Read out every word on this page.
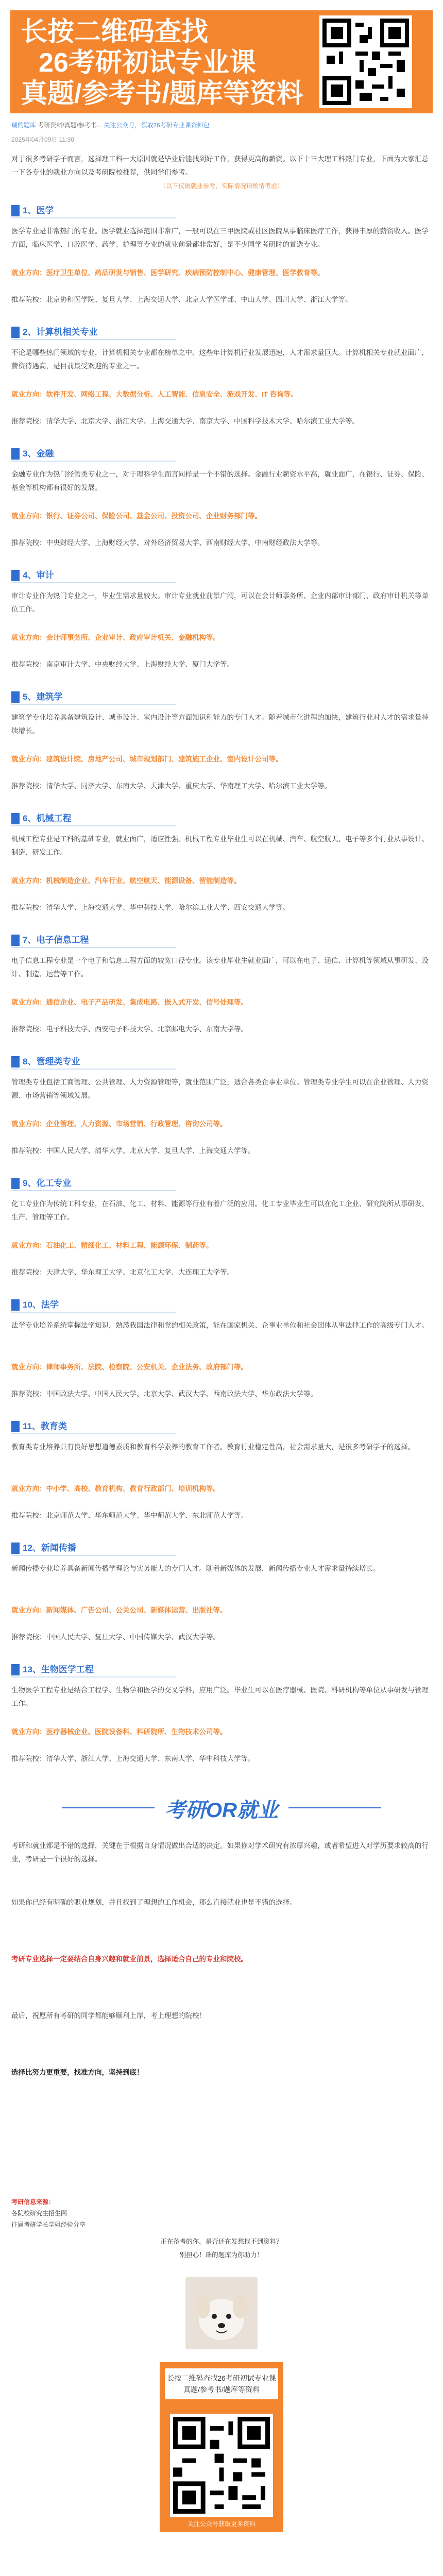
长按二维码查找
26考研初试专业课
真题/参考书/题库等资料
瑞的题库 考研资料/真题/参考书... 关注公众号，领取26考研专业课资料包
2025年04月09日 11:30
对于很多考研学子而言，选择理工科一大原因就是毕业后能找到好工作，获得更高的薪资。以下十三大理工科热门专业，下面为大家汇总一下各专业的就业方向以及考研院校推荐，供同学们参考。
（以下仅做就业参考，实际情况请酌情考虑）
1、医学
医学专业是非常热门的专业。医学就业选择范围非常广，一般可以在三甲医院或社区医院从事临床医疗工作，获得丰厚的薪资收入。医学方面，临床医学、口腔医学、药学、护理等专业的就业前景都非常好，是不少同学考研时的首选专业。
就业方向：医疗卫生单位、药品研发与销售、医学研究、疾病预防控制中心、健康管理、医学教育等。
推荐院校：北京协和医学院、复旦大学、上海交通大学、北京大学医学部、中山大学、四川大学、浙江大学等。
2、计算机相关专业
不论是哪些热门领域的专业，计算机相关专业都在榜单之中。这些年计算机行业发展迅速，人才需求量巨大。计算机相关专业就业面广，薪资待遇高，是目前最受欢迎的专业之一。
就业方向：软件开发、网络工程、大数据分析、人工智能、信息安全、游戏开发、IT 咨询等。
推荐院校：清华大学、北京大学、浙江大学、上海交通大学、南京大学、中国科学技术大学、哈尔滨工业大学等。
3、金融
金融专业作为热门经管类专业之一，对于理科学生而言同样是一个不错的选择。金融行业薪资水平高，就业面广，在银行、证券、保险、基金等机构都有很好的发展。
就业方向：银行、证券公司、保险公司、基金公司、投资公司、企业财务部门等。
推荐院校：中央财经大学、上海财经大学、对外经济贸易大学、西南财经大学、中南财经政法大学等。
4、审计
审计专业作为热门专业之一，毕业生需求量较大。审计专业就业前景广阔，可以在会计师事务所、企业内部审计部门、政府审计机关等单位工作。
就业方向：会计师事务所、企业审计、政府审计机关、金融机构等。
推荐院校：南京审计大学、中央财经大学、上海财经大学、厦门大学等。
5、建筑学
建筑学专业培养具备建筑设计、城市设计、室内设计等方面知识和能力的专门人才。随着城市化进程的加快，建筑行业对人才的需求量持续增长。
就业方向：建筑设计院、房地产公司、城市规划部门、建筑施工企业、室内设计公司等。
推荐院校：清华大学、同济大学、东南大学、天津大学、重庆大学、华南理工大学、哈尔滨工业大学等。
6、机械工程
机械工程专业是工科的基础专业，就业面广，适应性强。机械工程专业毕业生可以在机械、汽车、航空航天、电子等多个行业从事设计、制造、研发工作。
就业方向：机械制造企业、汽车行业、航空航天、能源设备、智能制造等。
推荐院校：清华大学、上海交通大学、华中科技大学、哈尔滨工业大学、西安交通大学等。
7、电子信息工程
电子信息工程专业是一个电子和信息工程方面的较宽口径专业。该专业毕业生就业面广，可以在电子、通信、计算机等领域从事研发、设计、制造、运营等工作。
就业方向：通信企业、电子产品研发、集成电路、嵌入式开发、信号处理等。
推荐院校：电子科技大学、西安电子科技大学、北京邮电大学、东南大学等。
8、管理类专业
管理类专业包括工商管理、公共管理、人力资源管理等，就业范围广泛，适合各类企事业单位。管理类专业学生可以在企业管理、人力资源、市场营销等领域发展。
就业方向：企业管理、人力资源、市场营销、行政管理、咨询公司等。
推荐院校：中国人民大学、清华大学、北京大学、复旦大学、上海交通大学等。
9、化工专业
化工专业作为传统工科专业，在石油、化工、材料、能源等行业有着广泛的应用。化工专业毕业生可以在化工企业、研究院所从事研发、生产、管理等工作。
就业方向：石油化工、精细化工、材料工程、能源环保、制药等。
推荐院校：天津大学、华东理工大学、北京化工大学、大连理工大学等。
10、法学
法学专业培养系统掌握法学知识，熟悉我国法律和党的相关政策，能在国家机关、企事业单位和社会团体从事法律工作的高级专门人才。
就业方向：律师事务所、法院、检察院、公安机关、企业法务、政府部门等。
推荐院校：中国政法大学、中国人民大学、北京大学、武汉大学、西南政法大学、华东政法大学等。
11、教育类
教育类专业培养具有良好思想道德素质和教育科学素养的教育工作者。教育行业稳定性高，社会需求量大，是很多考研学子的选择。
就业方向：中小学、高校、教育机构、教育行政部门、培训机构等。
推荐院校：北京师范大学、华东师范大学、华中师范大学、东北师范大学等。
12、新闻传播
新闻传播专业培养具备新闻传播学理论与实务能力的专门人才。随着新媒体的发展，新闻传播专业人才需求量持续增长。
就业方向：新闻媒体、广告公司、公关公司、新媒体运营、出版社等。
推荐院校：中国人民大学、复旦大学、中国传媒大学、武汉大学等。
13、生物医学工程
生物医学工程专业是结合工程学、生物学和医学的交叉学科，应用广泛。毕业生可以在医疗器械、医院、科研机构等单位从事研发与管理工作。
就业方向：医疗器械企业、医院设备科、科研院所、生物技术公司等。
推荐院校：清华大学、浙江大学、上海交通大学、东南大学、华中科技大学等。
考研OR就业
考研和就业都是不错的选择，关键在于根据自身情况做出合适的决定。如果你对学术研究有浓厚兴趣，或者希望进入对学历要求较高的行业，考研是一个很好的选择。
如果你已经有明确的职业规划，并且找到了理想的工作机会，那么直接就业也是不错的选择。
考研专业选择一定要结合自身兴趣和就业前景，选择适合自己的专业和院校。
最后，祝愿所有考研的同学都能够顺利上岸，考上理想的院校！
选择比努力更重要，找准方向，坚持到底！
正在备考的你，是否还在发愁找不到资料？
别担心！瑞的题库为你助力！
长按二维码查找26考研初试专业课真题/参考书/题库等资料
关注公众号获取更多资料
考研信息来源：
各院校研究生招生网
往届考研学长学姐经验分享
